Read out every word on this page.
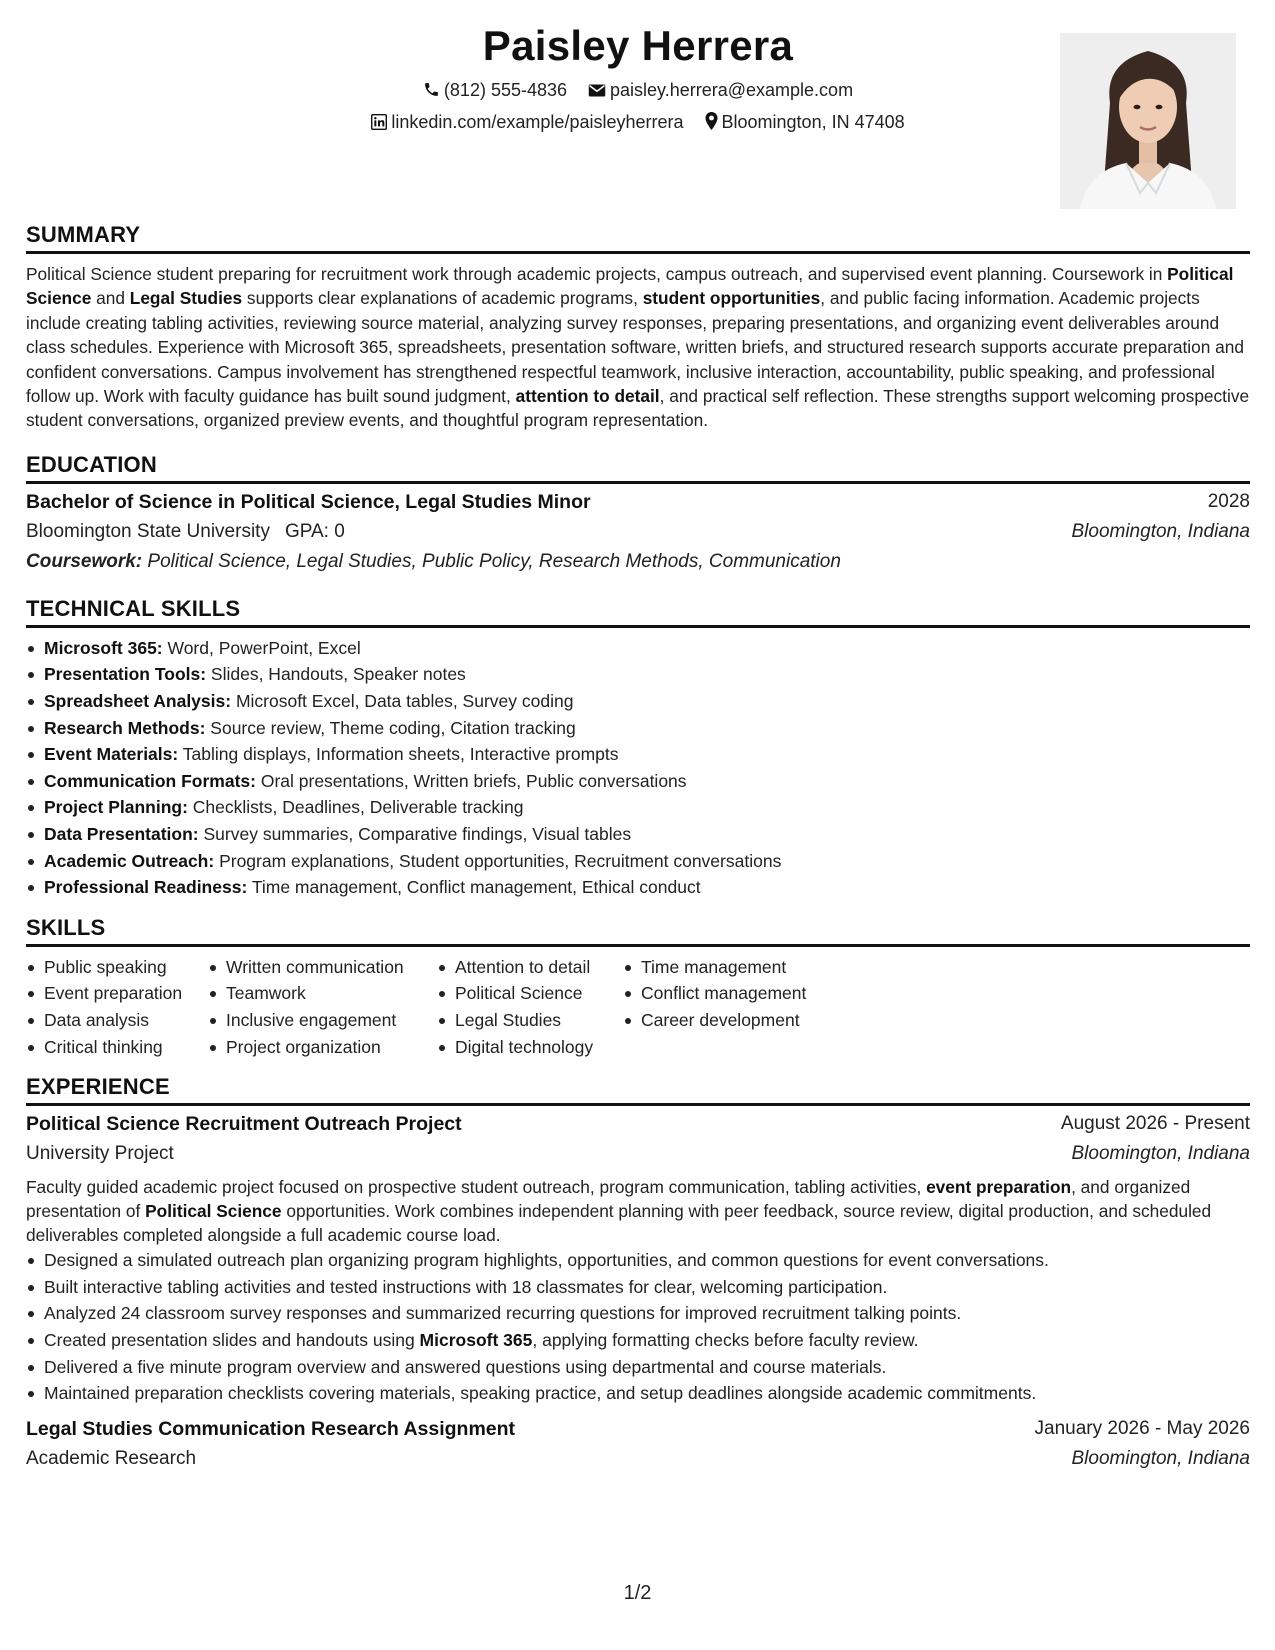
Paisley Herrera
(812) 555-4836 paisley.herrera@example.com
linkedin.com/example/paisleyherrera Bloomington, IN 47408
SUMMARY

Political Science student preparing for recruitment work through academic projects, campus outreach, and supervised event planning. Coursework in Political Science and Legal Studies supports clear explanations of academic programs, student opportunities, and public facing information. Academic projects include creating tabling activities, reviewing source material, analyzing survey responses, preparing presentations, and organizing event deliverables around class schedules. Experience with Microsoft 365, spreadsheets, presentation software, written briefs, and structured research supports accurate preparation and confident conversations. Campus involvement has strengthened respectful teamwork, inclusive interaction, accountability, public speaking, and professional follow up. Work with faculty guidance has built sound judgment, attention to detail, and practical self reflection. These strengths support welcoming prospective student conversations, organized preview events, and thoughtful program representation.

EDUCATION
Bachelor of Science in Political Science, Legal Studies Minor	2028
Bloomington State University GPA: 0	Bloomington, Indiana
Coursework: Political Science, Legal Studies, Public Policy, Research Methods, Communication
TECHNICAL SKILLS
Microsoft 365: Word, PowerPoint, Excel
Presentation Tools: Slides, Handouts, Speaker notes
Spreadsheet Analysis: Microsoft Excel, Data tables, Survey coding
Research Methods: Source review, Theme coding, Citation tracking
Event Materials: Tabling displays, Information sheets, Interactive prompts
Communication Formats: Oral presentations, Written briefs, Public conversations
Project Planning: Checklists, Deadlines, Deliverable tracking
Data Presentation: Survey summaries, Comparative findings, Visual tables
Academic Outreach: Program explanations, Student opportunities, Recruitment conversations
Professional Readiness: Time management, Conflict management, Ethical conduct
SKILLS
Public speaking
Event preparation
Data analysis
Critical thinking
Written communication
Teamwork
Inclusive engagement
Project organization
Attention to detail
Political Science
Legal Studies
Digital technology
Time management
Conflict management
Career development
EXPERIENCE
Political Science Recruitment Outreach Project	August 2026 - Present
University Project	Bloomington, Indiana

Faculty guided academic project focused on prospective student outreach, program communication, tabling activities, event preparation, and organized presentation of Political Science opportunities. Work combines independent planning with peer feedback, source review, digital production, and scheduled deliverables completed alongside a full academic course load.

Designed a simulated outreach plan organizing program highlights, opportunities, and common questions for event conversations.
Built interactive tabling activities and tested instructions with 18 classmates for clear, welcoming participation.
Analyzed 24 classroom survey responses and summarized recurring questions for improved recruitment talking points.
Created presentation slides and handouts using Microsoft 365, applying formatting checks before faculty review.
Delivered a five minute program overview and answered questions using departmental and course materials.
Maintained preparation checklists covering materials, speaking practice, and setup deadlines alongside academic commitments.
Legal Studies Communication Research Assignment	January 2026 - May 2026
Academic Research	Bloomington, Indiana
1/2
